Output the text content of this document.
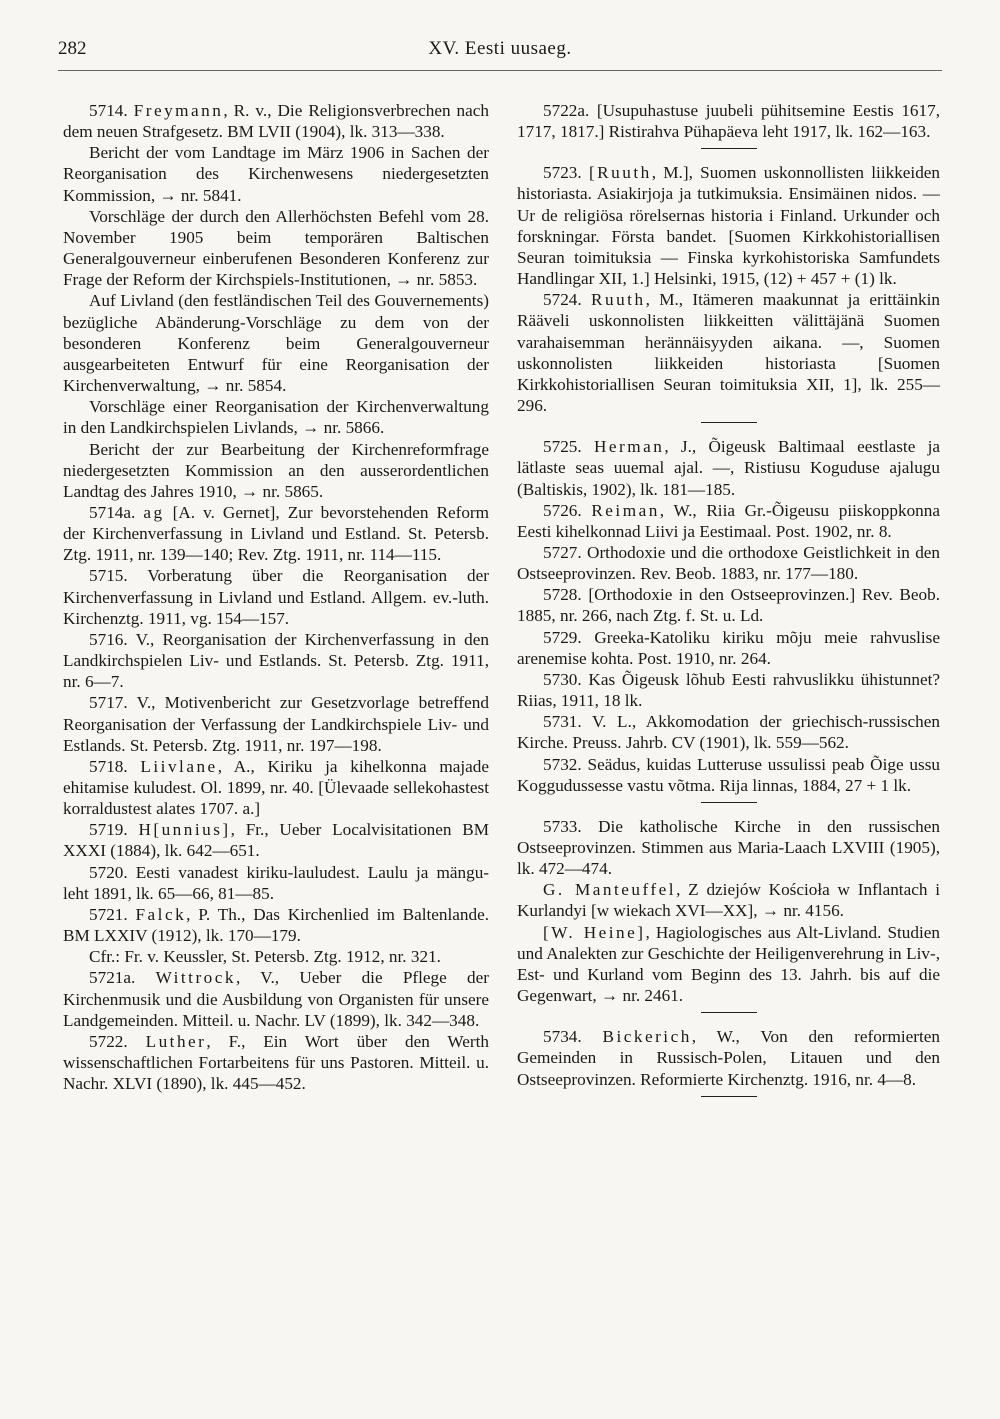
282	XV. Eesti uusaeg.

5714. Freymann, R. v., Die Religionsverbrechen nach dem neuen Strafgesetz. BM LVII (1904), lk. 313—338.

Bericht der vom Landtage im März 1906 in Sachen der Reorganisation des Kirchenwesens niedergesetzten Kommission, → nr. 5841.

Vorschläge der durch den Allerhöchsten Befehl vom 28. November 1905 beim temporären Baltischen Generalgouverneur einberufenen Besonderen Konferenz zur Frage der Reform der Kirchspiels-Institutionen, → nr. 5853.

Auf Livland (den festländischen Teil des Gouvernements) bezügliche Abänderung-Vorschläge zu dem von der besonderen Konferenz beim Generalgouverneur ausgearbeiteten Entwurf für eine Reorganisation der Kirchenverwaltung, → nr. 5854.

Vorschläge einer Reorganisation der Kirchenverwaltung in den Landkirchspielen Livlands, → nr. 5866.

Bericht der zur Bearbeitung der Kirchenreformfrage niedergesetzten Kommission an den ausserordentlichen Landtag des Jahres 1910, → nr. 5865.

5714a. ag [A. v. Gernet], Zur bevorstehenden Reform der Kirchenverfassung in Livland und Estland. St. Petersb. Ztg. 1911, nr. 139—140; Rev. Ztg. 1911, nr. 114—115.

5715. Vorberatung über die Reorganisation der Kirchenverfassung in Livland und Estland. Allgem. ev.-luth. Kirchenztg. 1911, vg. 154—157.

5716. V., Reorganisation der Kirchenverfassung in den Landkirchspielen Liv- und Estlands. St. Petersb. Ztg. 1911, nr. 6—7.

5717. V., Motivenbericht zur Gesetzvorlage betreffend Reorganisation der Verfassung der Landkirchspiele Liv- und Estlands. St. Petersb. Ztg. 1911, nr. 197—198.

5718. Liivlane, A., Kiriku ja kihelkonna majade ehitamise kuludest. Ol. 1899, nr. 40. [Ülevaade sellekohastest korraldustest alates 1707. a.]

5719. H[unnius], Fr., Ueber Localvisitationen BM XXXI (1884), lk. 642—651.

5720. Eesti vanadest kiriku-lauludest. Laulu ja mängu-leht 1891, lk. 65—66, 81—85.

5721. Falck, P. Th., Das Kirchenlied im Baltenlande. BM LXXIV (1912), lk. 170—179.

Cfr.: Fr. v. Keussler, St. Petersb. Ztg. 1912, nr. 321.

5721a. Wittrock, V., Ueber die Pflege der Kirchenmusik und die Ausbildung von Organisten für unsere Landgemeinden. Mitteil. u. Nachr. LV (1899), lk. 342—348.

5722. Luther, F., Ein Wort über den Werth wissenschaftlichen Fortarbeitens für uns Pastoren. Mitteil. u. Nachr. XLVI (1890), lk. 445—452.

5722a. [Usupuhastuse juubeli pühitsemine Eestis 1617, 1717, 1817.] Ristirahva Pühapäeva leht 1917, lk. 162—163.

5723. [Ruuth, M.], Suomen uskonnollisten liikkeiden historiasta. Asiakirjoja ja tutkimuksia. Ensimäinen nidos. — Ur de religiösa rörelsernas historia i Finland. Urkunder och forskningar. Första bandet. [Suomen Kirkkohistoriallisen Seuran toimituksia — Finska kyrkohistoriska Samfundets Handlingar XII, 1.] Helsinki, 1915, (12) + 457 + (1) lk.

5724. Ruuth, M., Itämeren maakunnat ja erittäinkin Rääveli uskonnolisten liikkeitten välittäjänä Suomen varahaisemman herännäisyyden aikana. —, Suomen uskonnolisten liikkeiden historiasta [Suomen Kirkkohistoriallisen Seuran toimituksia XII, 1], lk. 255—296.

5725. Herman, J., Õigeusk Baltimaal eestlaste ja lätlaste seas uuemal ajal. —, Ristiusu Koguduse ajalugu (Baltiskis, 1902), lk. 181—185.

5726. Reiman, W., Riia Gr.-Õigeusu piiskoppkonna Eesti kihelkonnad Liivi ja Eestimaal. Post. 1902, nr. 8.

5727. Orthodoxie und die orthodoxe Geistlichkeit in den Ostseeprovinzen. Rev. Beob. 1883, nr. 177—180.

5728. [Orthodoxie in den Ostseeprovinzen.] Rev. Beob. 1885, nr. 266, nach Ztg. f. St. u. Ld.

5729. Greeka-Katoliku kiriku mõju meie rahvuslise arenemise kohta. Post. 1910, nr. 264.

5730. Kas Õigeusk lõhub Eesti rahvuslikku ühistunnet? Riias, 1911, 18 lk.

5731. V. L., Akkomodation der griechisch-russischen Kirche. Preuss. Jahrb. CV (1901), lk. 559—562.

5732. Seädus, kuidas Lutteruse ussulissi peab Õige ussu Koggudussesse vastu võtma. Rija linnas, 1884, 27 + 1 lk.

5733. Die katholische Kirche in den russischen Ostseeprovinzen. Stimmen aus Maria-Laach LXVIII (1905), lk. 472—474.

G. Manteuffel, Z dziejów Kościoła w Inflantach i Kurlandyi [w wiekach XVI—XX], → nr. 4156.

[W. Heine], Hagiologisches aus Alt-Livland. Studien und Analekten zur Geschichte der Heiligenverehrung in Liv-, Est- und Kurland vom Beginn des 13. Jahrh. bis auf die Gegenwart, → nr. 2461.

5734. Bickerich, W., Von den reformierten Gemeinden in Russisch-Polen, Litauen und den Ostseeprovinzen. Reformierte Kirchenztg. 1916, nr. 4—8.
